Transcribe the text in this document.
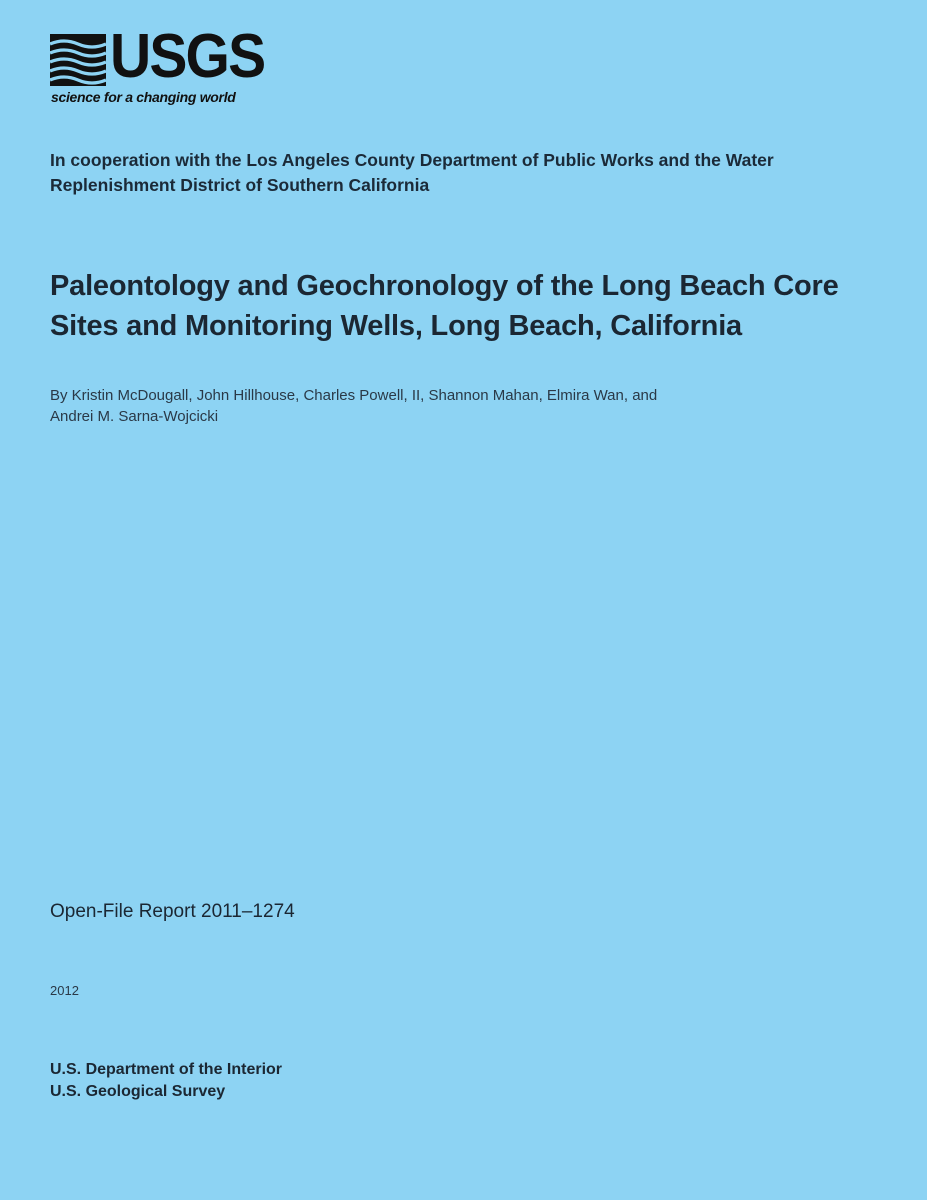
USGS
science for a changing world
In cooperation with the Los Angeles County Department of Public Works and the Water Replenishment District of Southern California
Paleontology and Geochronology of the Long Beach Core
Sites and Monitoring Wells, Long Beach, California
By Kristin McDougall, John Hillhouse, Charles Powell, II, Shannon Mahan, Elmira Wan, and
Andrei M. Sarna-Wojcicki
Open-File Report 2011–1274
2012
U.S. Department of the Interior
U.S. Geological Survey
